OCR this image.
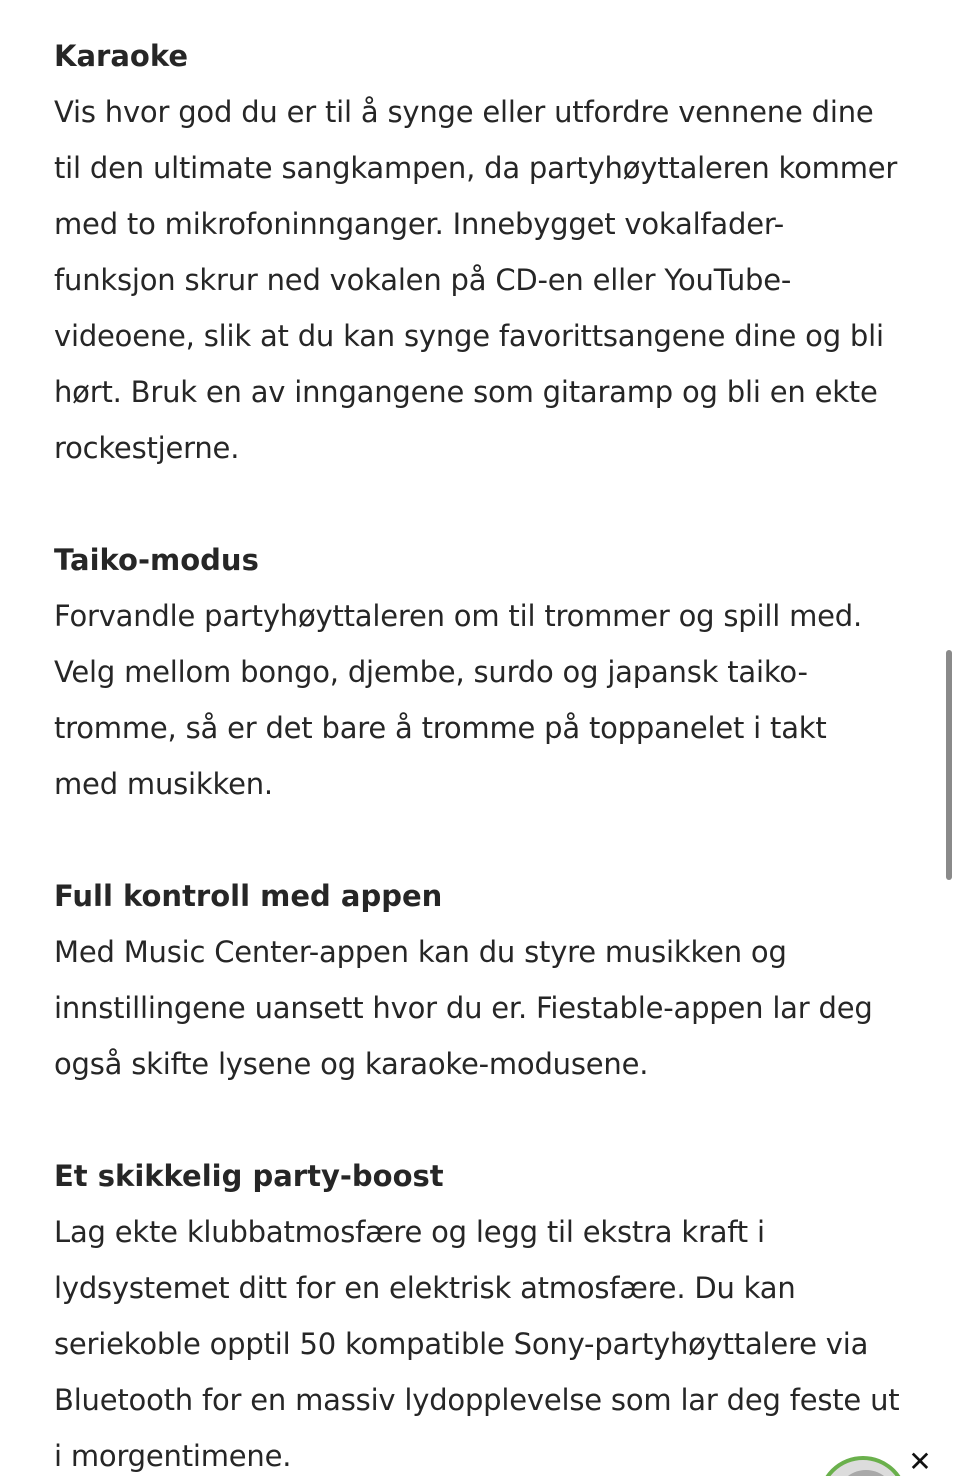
Karaoke

Vis hvor god du er til å synge eller utfordre vennene dine
til den ultimate sangkampen, da partyhøyttaleren kommer
med to mikrofoninnganger. Innebygget vokalfader-
funksjon skrur ned vokalen på CD-en eller YouTube-
videoene, slik at du kan synge favorittsangene dine og bli
hørt. Bruk en av inngangene som gitaramp og bli en ekte
rockestjerne.

Taiko-modus

Forvandle partyhøyttaleren om til trommer og spill med.
Velg mellom bongo, djembe, surdo og japansk taiko-
tromme, så er det bare å tromme på toppanelet i takt
med musikken.

Full kontroll med appen

Med Music Center-appen kan du styre musikken og
innstillingene uansett hvor du er. Fiestable-appen lar deg
også skifte lysene og karaoke-modusene.

Et skikkelig party-boost

Lag ekte klubbatmosfære og legg til ekstra kraft i
lydsystemet ditt for en elektrisk atmosfære. Du kan
seriekoble opptil 50 kompatible Sony-partyhøyttalere via
Bluetooth for en massiv lydopplevelse som lar deg feste ut
i morgentimene.	✕
